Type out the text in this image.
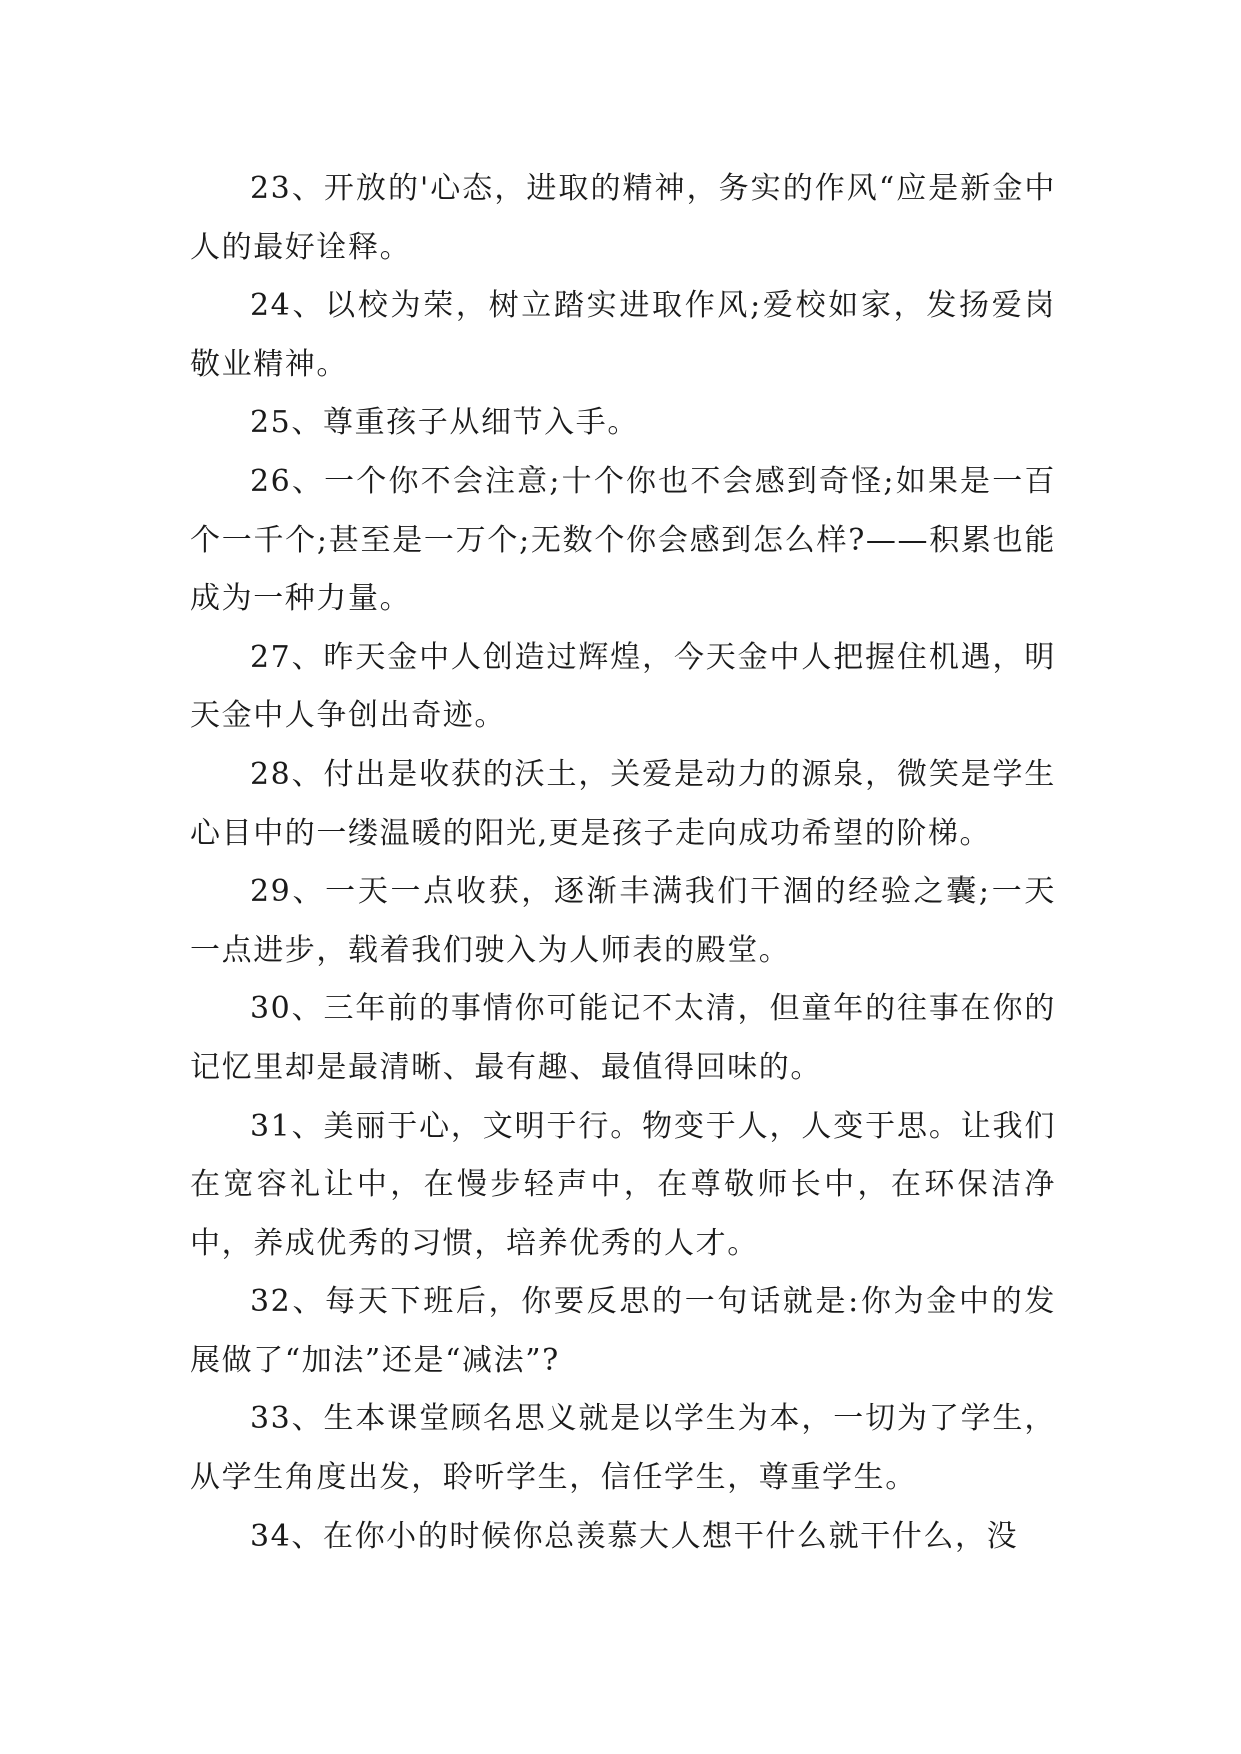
23、开放的'心态，进取的精神，务实的作风“应是新金中人的最好诠释。

24、以校为荣，树立踏实进取作风;爱校如家，发扬爱岗敬业精神。

25、尊重孩子从细节入手。

26、一个你不会注意;十个你也不会感到奇怪;如果是一百个一千个;甚至是一万个;无数个你会感到怎么样?——积累也能成为一种力量。

27、昨天金中人创造过辉煌，今天金中人把握住机遇，明天金中人争创出奇迹。

28、付出是收获的沃土，关爱是动力的源泉，微笑是学生心目中的一缕温暖的阳光,更是孩子走向成功希望的阶梯。

29、一天一点收获，逐渐丰满我们干涸的经验之囊;一天一点进步，载着我们驶入为人师表的殿堂。

30、三年前的事情你可能记不太清，但童年的往事在你的记忆里却是最清晰、最有趣、最值得回味的。

31、美丽于心，文明于行。物变于人，人变于思。让我们在宽容礼让中，在慢步轻声中，在尊敬师长中，在环保洁净中，养成优秀的习惯，培养优秀的人才。

32、每天下班后，你要反思的一句话就是:你为金中的发展做了“加法”还是“减法”?

33、生本课堂顾名思义就是以学生为本，一切为了学生，从学生角度出发，聆听学生，信任学生，尊重学生。

34、在你小的时候你总羡慕大人想干什么就干什么，没
